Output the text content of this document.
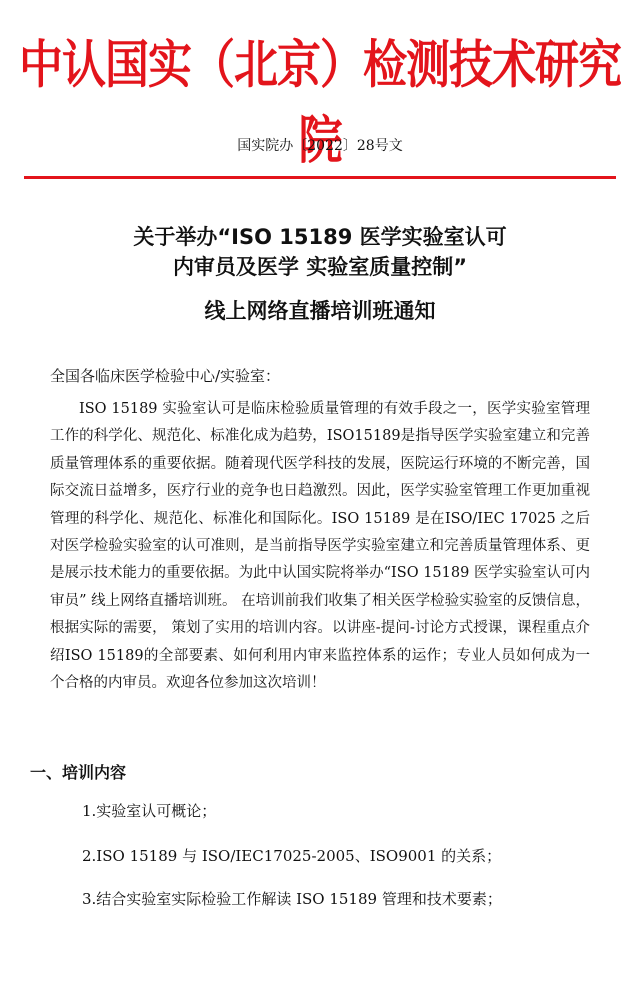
中认国实（北京）检测技术研究院
国实院办〔2022〕28号文
关于举办“ISO 15189 医学实验室认可
内审员及医学 实验室质量控制”
线上网络直播培训班通知
全国各临床医学检验中心/实验室：
ISO 15189 实验室认可是临床检验质量管理的有效手段之一，医学实验室管理工作的科学化、规范化、标准化成为趋势，ISO15189是指导医学实验室建立和完善质量管理体系的重要依据。随着现代医学科技的发展，医院运行环境的不断完善，国际交流日益增多，医疗行业的竞争也日趋激烈。因此，医学实验室管理工作更加重视管理的科学化、规范化、标准化和国际化。ISO 15189 是在ISO/IEC 17025 之后对医学检验实验室的认可准则，是当前指导医学实验室建立和完善质量管理体系、更是展示技术能力的重要依据。为此中认国实院将举办“ISO 15189 医学实验室认可内审员” 线上网络直播培训班。 在培训前我们收集了相关医学检验实验室的反馈信息，根据实际的需要， 策划了实用的培训内容。以讲座-提问-讨论方式授课，课程重点介绍ISO 15189的全部要素、如何利用内审来监控体系的运作；专业人员如何成为一个合格的内审员。欢迎各位参加这次培训！
一、培训内容
1.实验室认可概论；
2.ISO 15189 与 ISO/IEC17025-2005、ISO9001 的关系；
3.结合实验室实际检验工作解读 ISO 15189 管理和技术要素；
